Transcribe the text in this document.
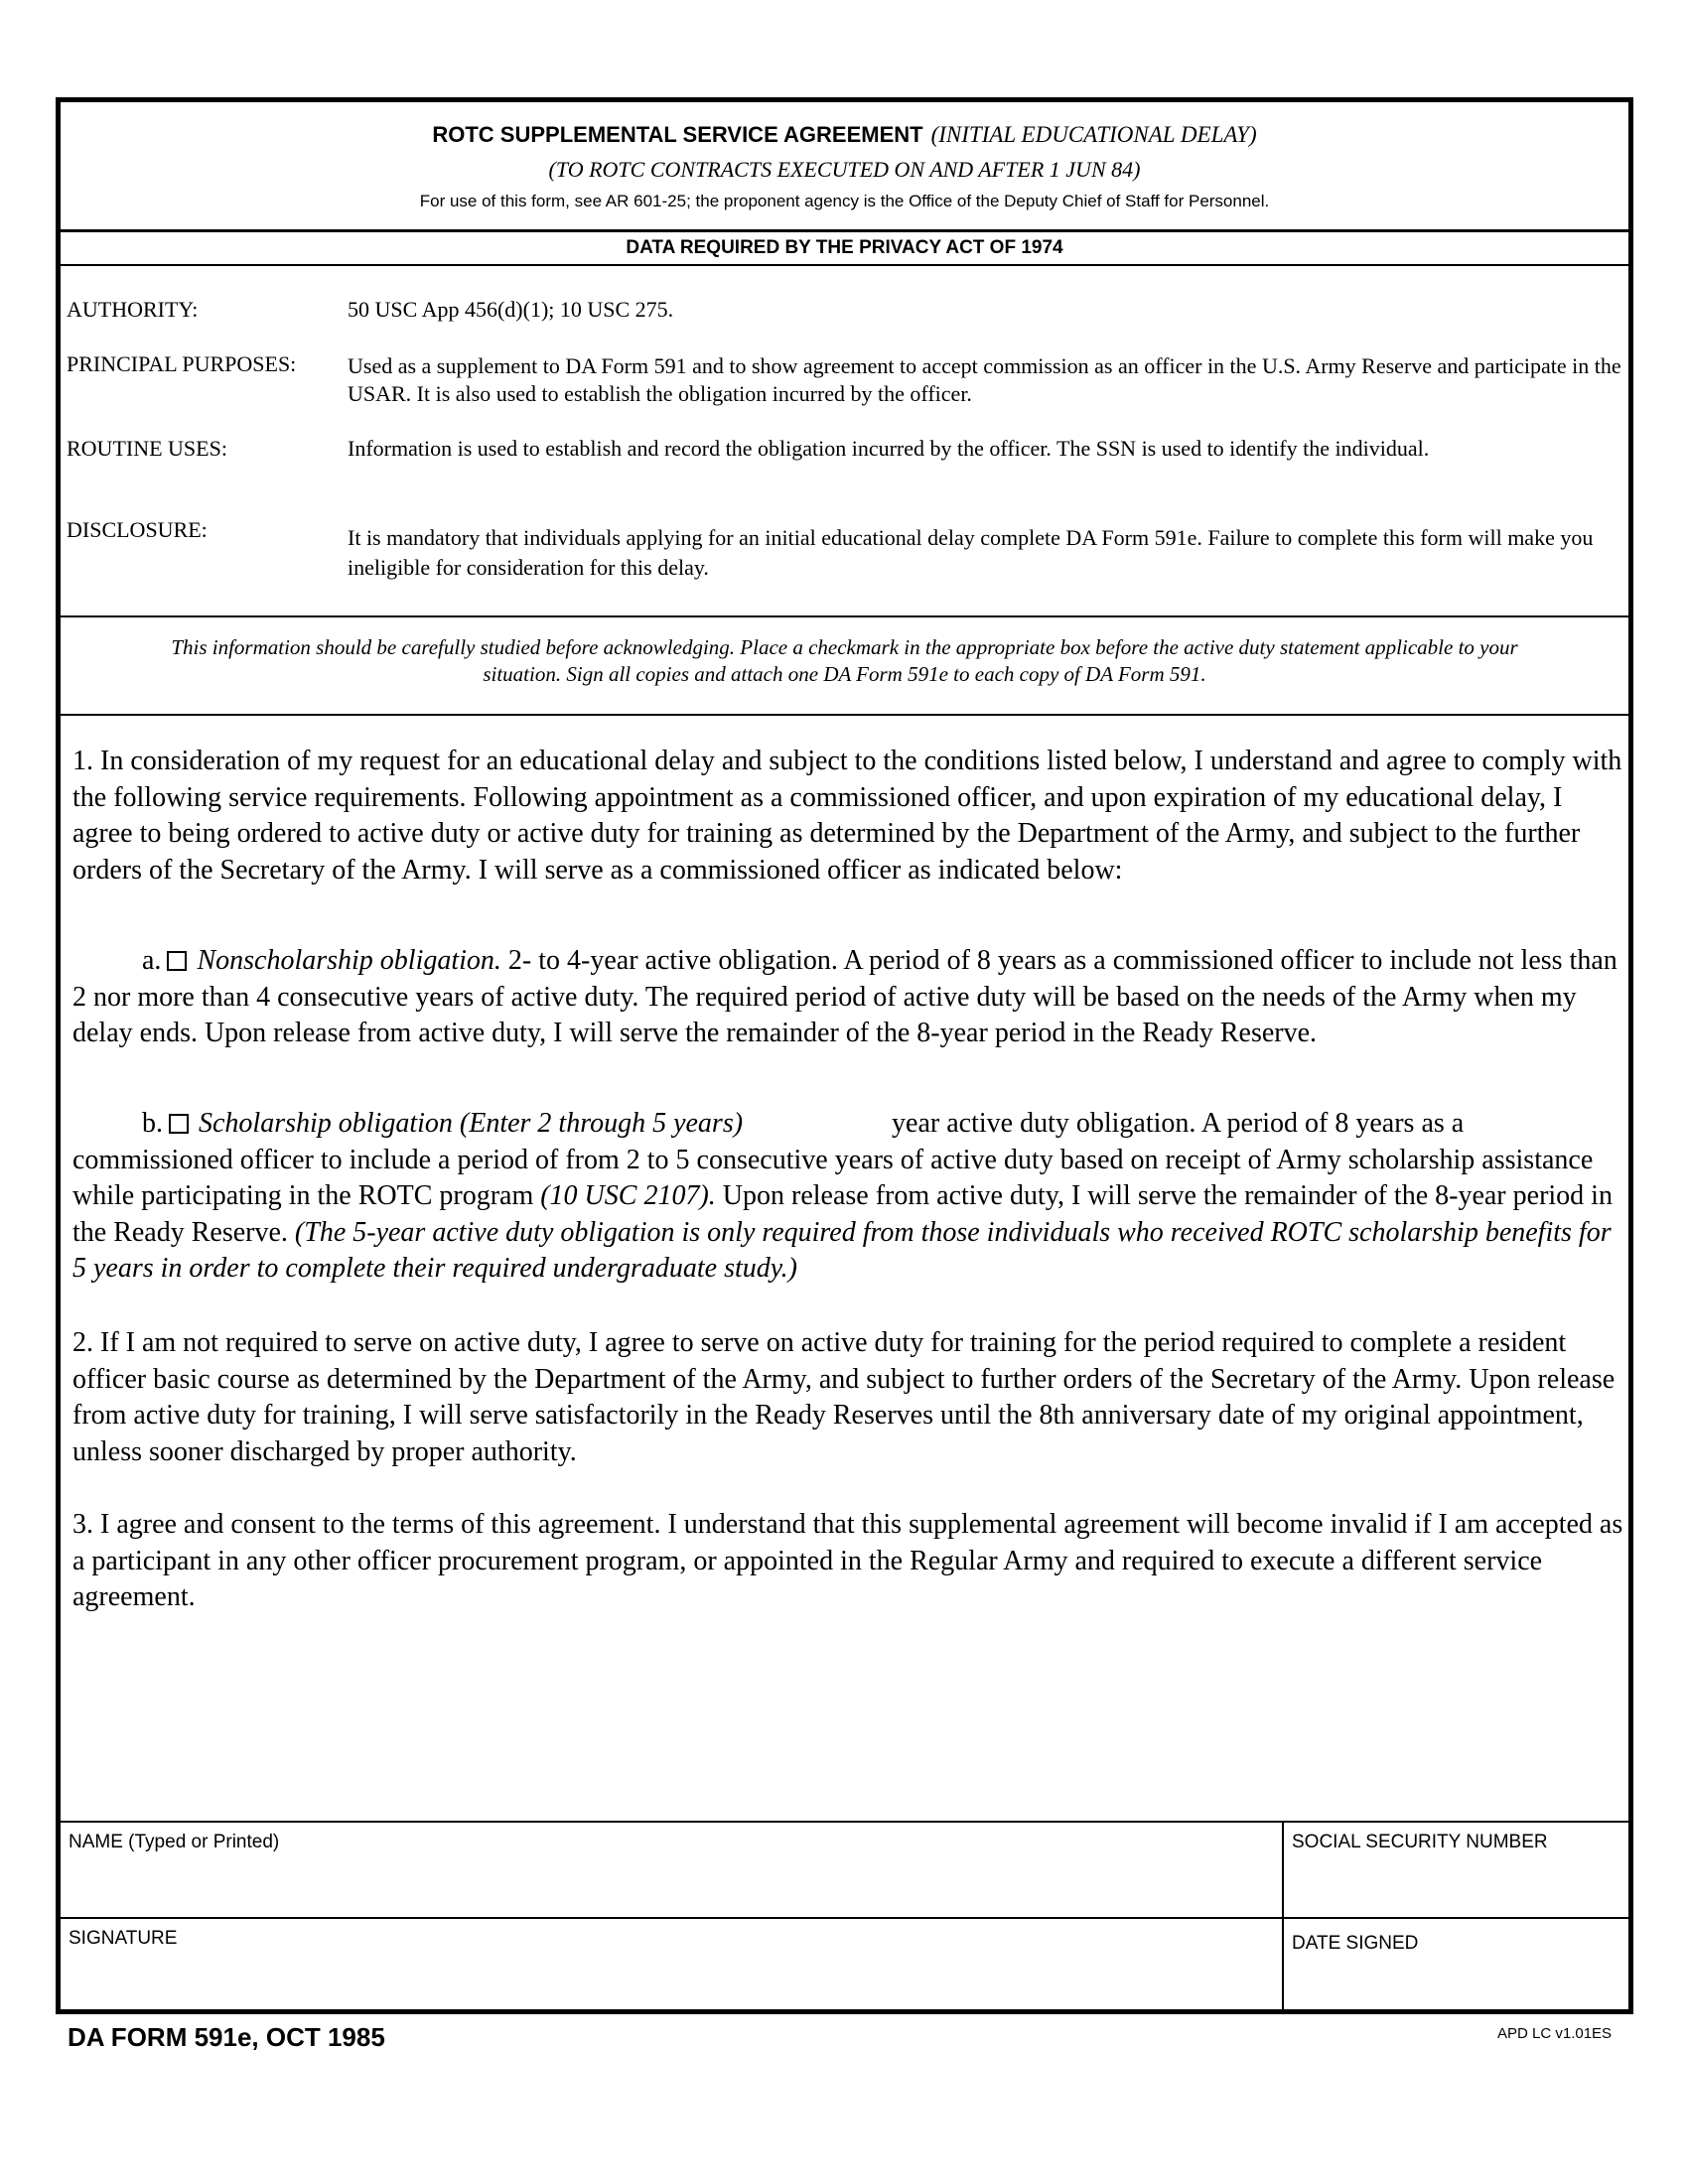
ROTC SUPPLEMENTAL SERVICE AGREEMENT (INITIAL EDUCATIONAL DELAY)
(TO ROTC CONTRACTS EXECUTED ON AND AFTER 1 JUN 84)
For use of this form, see AR 601-25; the proponent agency is the Office of the Deputy Chief of Staff for Personnel.
DATA REQUIRED BY THE PRIVACY ACT OF 1974
AUTHORITY:	50 USC App 456(d)(1); 10 USC 275.
PRINCIPAL PURPOSES: Used as a supplement to DA Form 591 and to show agreement to accept commission as an officer in the U.S. Army Reserve and participate in the USAR. It is also used to establish the obligation incurred by the officer.
ROUTINE USES:	Information is used to establish and record the obligation incurred by the officer. The SSN is used to identify the individual.
DISCLOSURE:	It is mandatory that individuals applying for an initial educational delay complete DA Form 591e. Failure to complete this form will make you ineligible for consideration for this delay.
This information should be carefully studied before acknowledging. Place a checkmark in the appropriate box before the active duty statement applicable to your situation. Sign all copies and attach one DA Form 591e to each copy of DA Form 591.
1. In consideration of my request for an educational delay and subject to the conditions listed below, I understand and agree to comply with the following service requirements. Following appointment as a commissioned officer, and upon expiration of my educational delay, I agree to being ordered to active duty or active duty for training as determined by the Department of the Army, and subject to the further orders of the Secretary of the Army. I will serve as a commissioned officer as indicated below:
a. Nonscholarship obligation. 2- to 4-year active obligation. A period of 8 years as a commissioned officer to include not less than 2 nor more than 4 consecutive years of active duty. The required period of active duty will be based on the needs of the Army when my delay ends. Upon release from active duty, I will serve the remainder of the 8-year period in the Ready Reserve.
b. Scholarship obligation (Enter 2 through 5 years)	year active duty obligation. A period of 8 years as a commissioned officer to include a period of from 2 to 5 consecutive years of active duty based on receipt of Army scholarship assistance while participating in the ROTC program (10 USC 2107). Upon release from active duty, I will serve the remainder of the 8-year period in the Ready Reserve. (The 5-year active duty obligation is only required from those individuals who received ROTC scholarship benefits for 5 years in order to complete their required undergraduate study.)
2. If I am not required to serve on active duty, I agree to serve on active duty for training for the period required to complete a resident officer basic course as determined by the Department of the Army, and subject to further orders of the Secretary of the Army. Upon release from active duty for training, I will serve satisfactorily in the Ready Reserves until the 8th anniversary date of my original appointment, unless sooner discharged by proper authority.
3. I agree and consent to the terms of this agreement. I understand that this supplemental agreement will become invalid if I am accepted as a participant in any other officer procurement program, or appointed in the Regular Army and required to execute a different service agreement.
NAME (Typed or Printed)	SOCIAL SECURITY NUMBER
SIGNATURE	DATE SIGNED
DA FORM 591e, OCT 1985	APD LC v1.01ES
